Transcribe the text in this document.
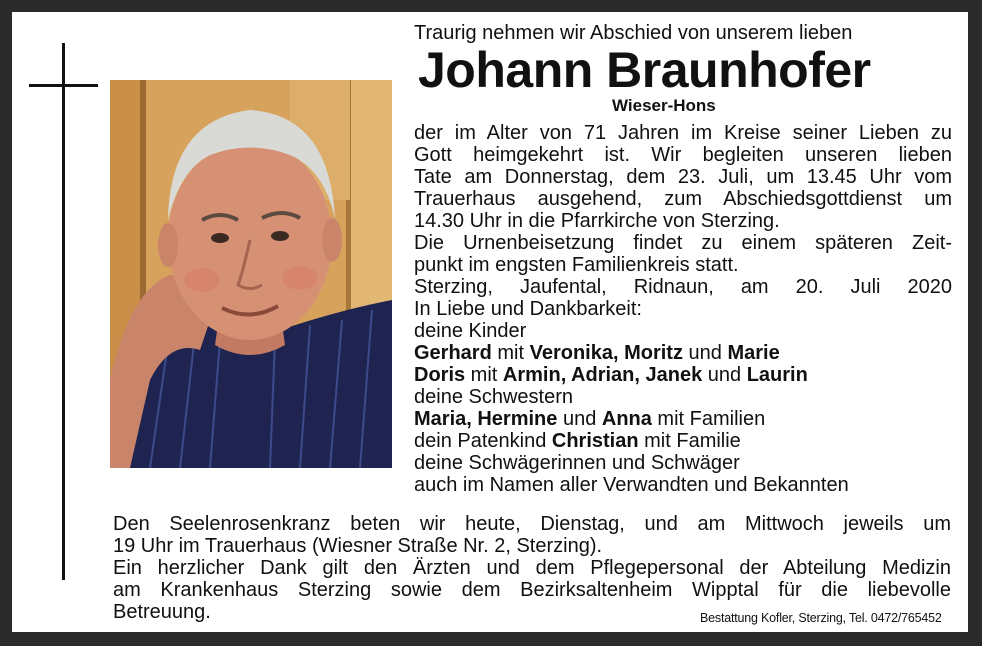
Traurig nehmen wir Abschied von unserem lieben
Johann Braunhofer
Wieser-Hons
der im Alter von 71 Jahren im Kreise seiner Lieben zu
Gott heimgekehrt ist. Wir begleiten unseren lieben
Tate am Donnerstag, dem 23. Juli, um 13.45 Uhr vom
Trauerhaus ausgehend, zum Abschiedsgottdienst um
14.30 Uhr in die Pfarrkirche von Sterzing.
Die Urnenbeisetzung findet zu einem späteren Zeit-
punkt im engsten Familienkreis statt.
Sterzing, Jaufental, Ridnaun, am 20. Juli 2020
In Liebe und Dankbarkeit:
deine Kinder
Gerhard mit Veronika, Moritz und Marie
Doris mit Armin, Adrian, Janek und Laurin
deine Schwestern
Maria, Hermine und Anna mit Familien
dein Patenkind Christian mit Familie
deine Schwägerinnen und Schwäger
auch im Namen aller Verwandten und Bekannten
Den Seelenrosenkranz beten wir heute, Dienstag, und am Mittwoch jeweils um
19 Uhr im Trauerhaus (Wiesner Straße Nr. 2, Sterzing).
Ein herzlicher Dank gilt den Ärzten und dem Pflegepersonal der Abteilung Medizin
am Krankenhaus Sterzing sowie dem Bezirksaltenheim Wipptal für die liebevolle
Betreuung.	Bestattung Kofler, Sterzing, Tel. 0472/765452
